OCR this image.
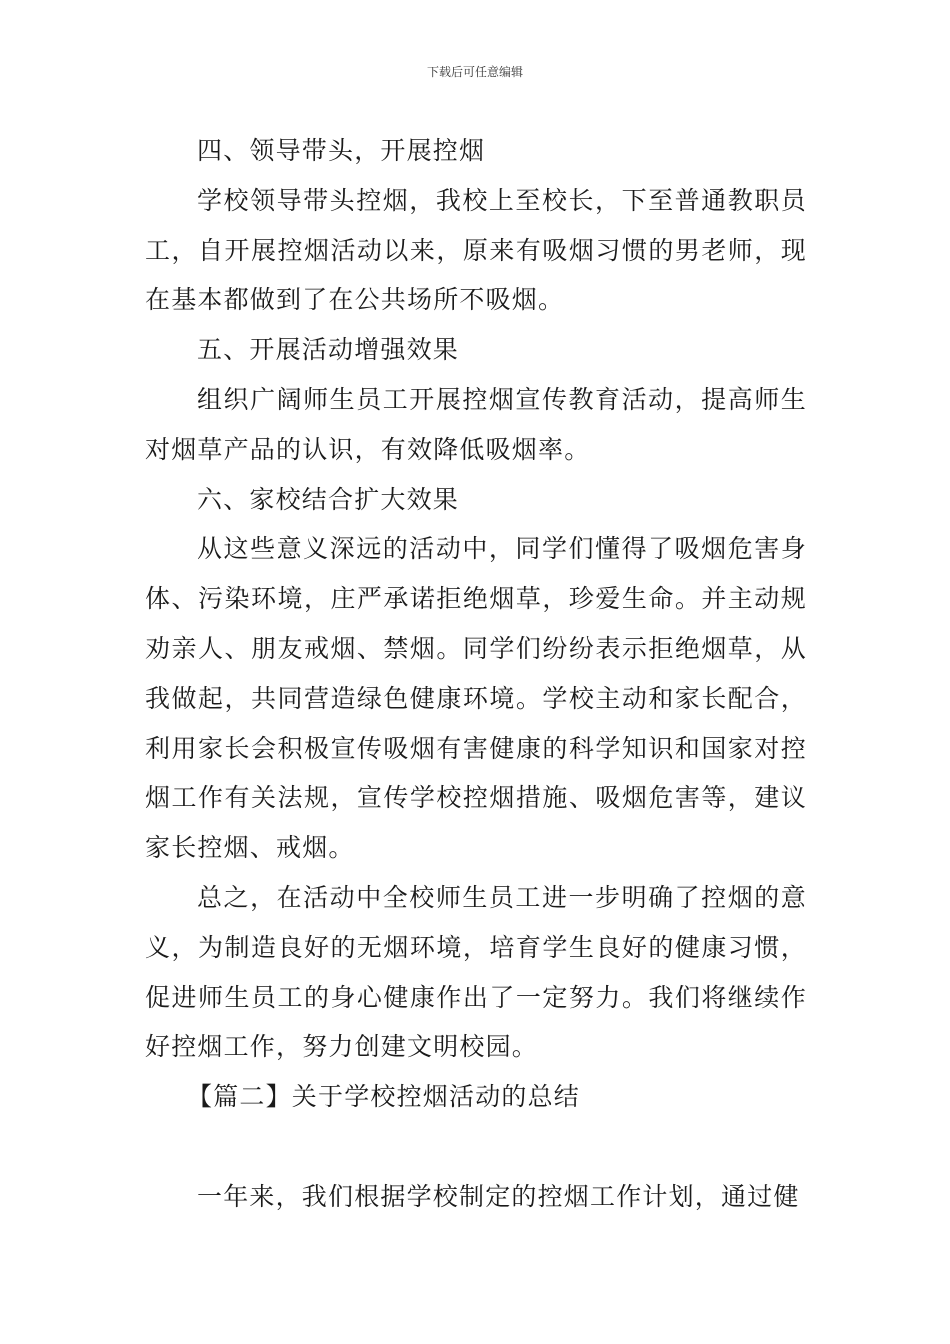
下载后可任意编辑

四、领导带头，开展控烟

学校领导带头控烟，我校上至校长，下至普通教职员工，自开展控烟活动以来，原来有吸烟习惯的男老师，现在基本都做到了在公共场所不吸烟。

五、开展活动增强效果

组织广阔师生员工开展控烟宣传教育活动，提高师生对烟草产品的认识，有效降低吸烟率。

六、家校结合扩大效果

从这些意义深远的活动中，同学们懂得了吸烟危害身体、污染环境，庄严承诺拒绝烟草，珍爱生命。并主动规劝亲人、朋友戒烟、禁烟。同学们纷纷表示拒绝烟草，从我做起，共同营造绿色健康环境。学校主动和家长配合，利用家长会积极宣传吸烟有害健康的科学知识和国家对控烟工作有关法规，宣传学校控烟措施、吸烟危害等，建议家长控烟、戒烟。

总之，在活动中全校师生员工进一步明确了控烟的意义，为制造良好的无烟环境，培育学生良好的健康习惯，促进师生员工的身心健康作出了一定努力。我们将继续作好控烟工作，努力创建文明校园。

【篇二】关于学校控烟活动的总结

一年来，我们根据学校制定的控烟工作计划，通过健
